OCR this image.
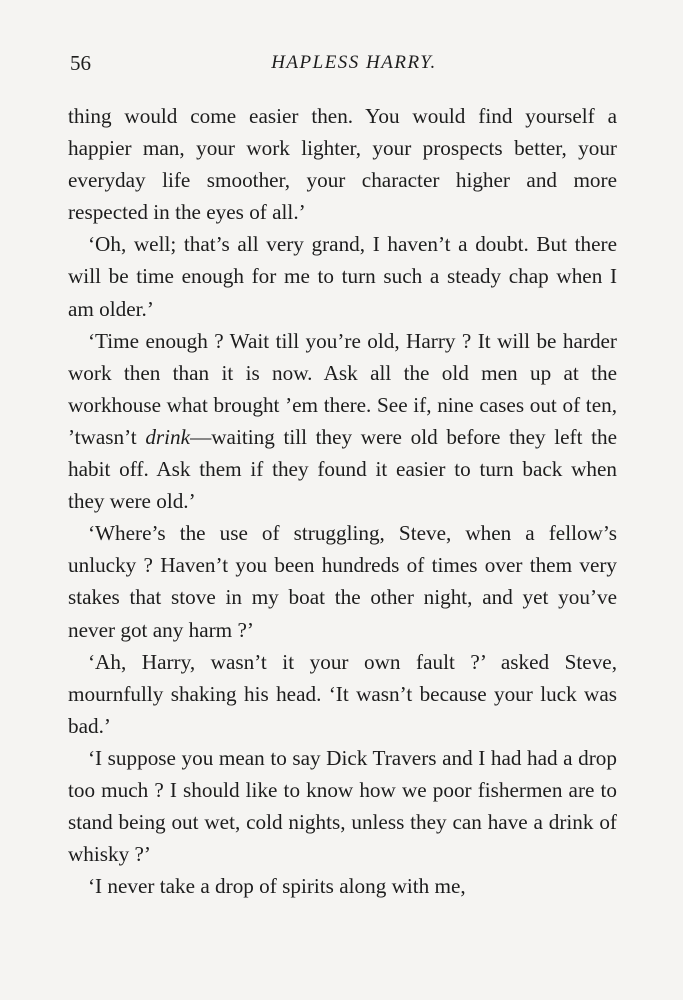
56	HAPLESS HARRY.

thing would come easier then. You would find yourself a happier man, your work lighter, your prospects better, your everyday life smoother, your character higher and more respected in the eyes of all.’

‘Oh, well; that’s all very grand, I haven’t a doubt. But there will be time enough for me to turn such a steady chap when I am older.’

‘Time enough ? Wait till you’re old, Harry ? It will be harder work then than it is now. Ask all the old men up at the workhouse what brought ’em there. See if, nine cases out of ten, ’twasn’t drink—waiting till they were old before they left the habit off. Ask them if they found it easier to turn back when they were old.’

‘Where’s the use of struggling, Steve, when a fellow’s unlucky ? Haven’t you been hundreds of times over them very stakes that stove in my boat the other night, and yet you’ve never got any harm ?’

‘Ah, Harry, wasn’t it your own fault ?’ asked Steve, mournfully shaking his head. ‘It wasn’t because your luck was bad.’

‘I suppose you mean to say Dick Travers and I had had a drop too much ? I should like to know how we poor fishermen are to stand being out wet, cold nights, unless they can have a drink of whisky ?’

‘I never take a drop of spirits along with me,
